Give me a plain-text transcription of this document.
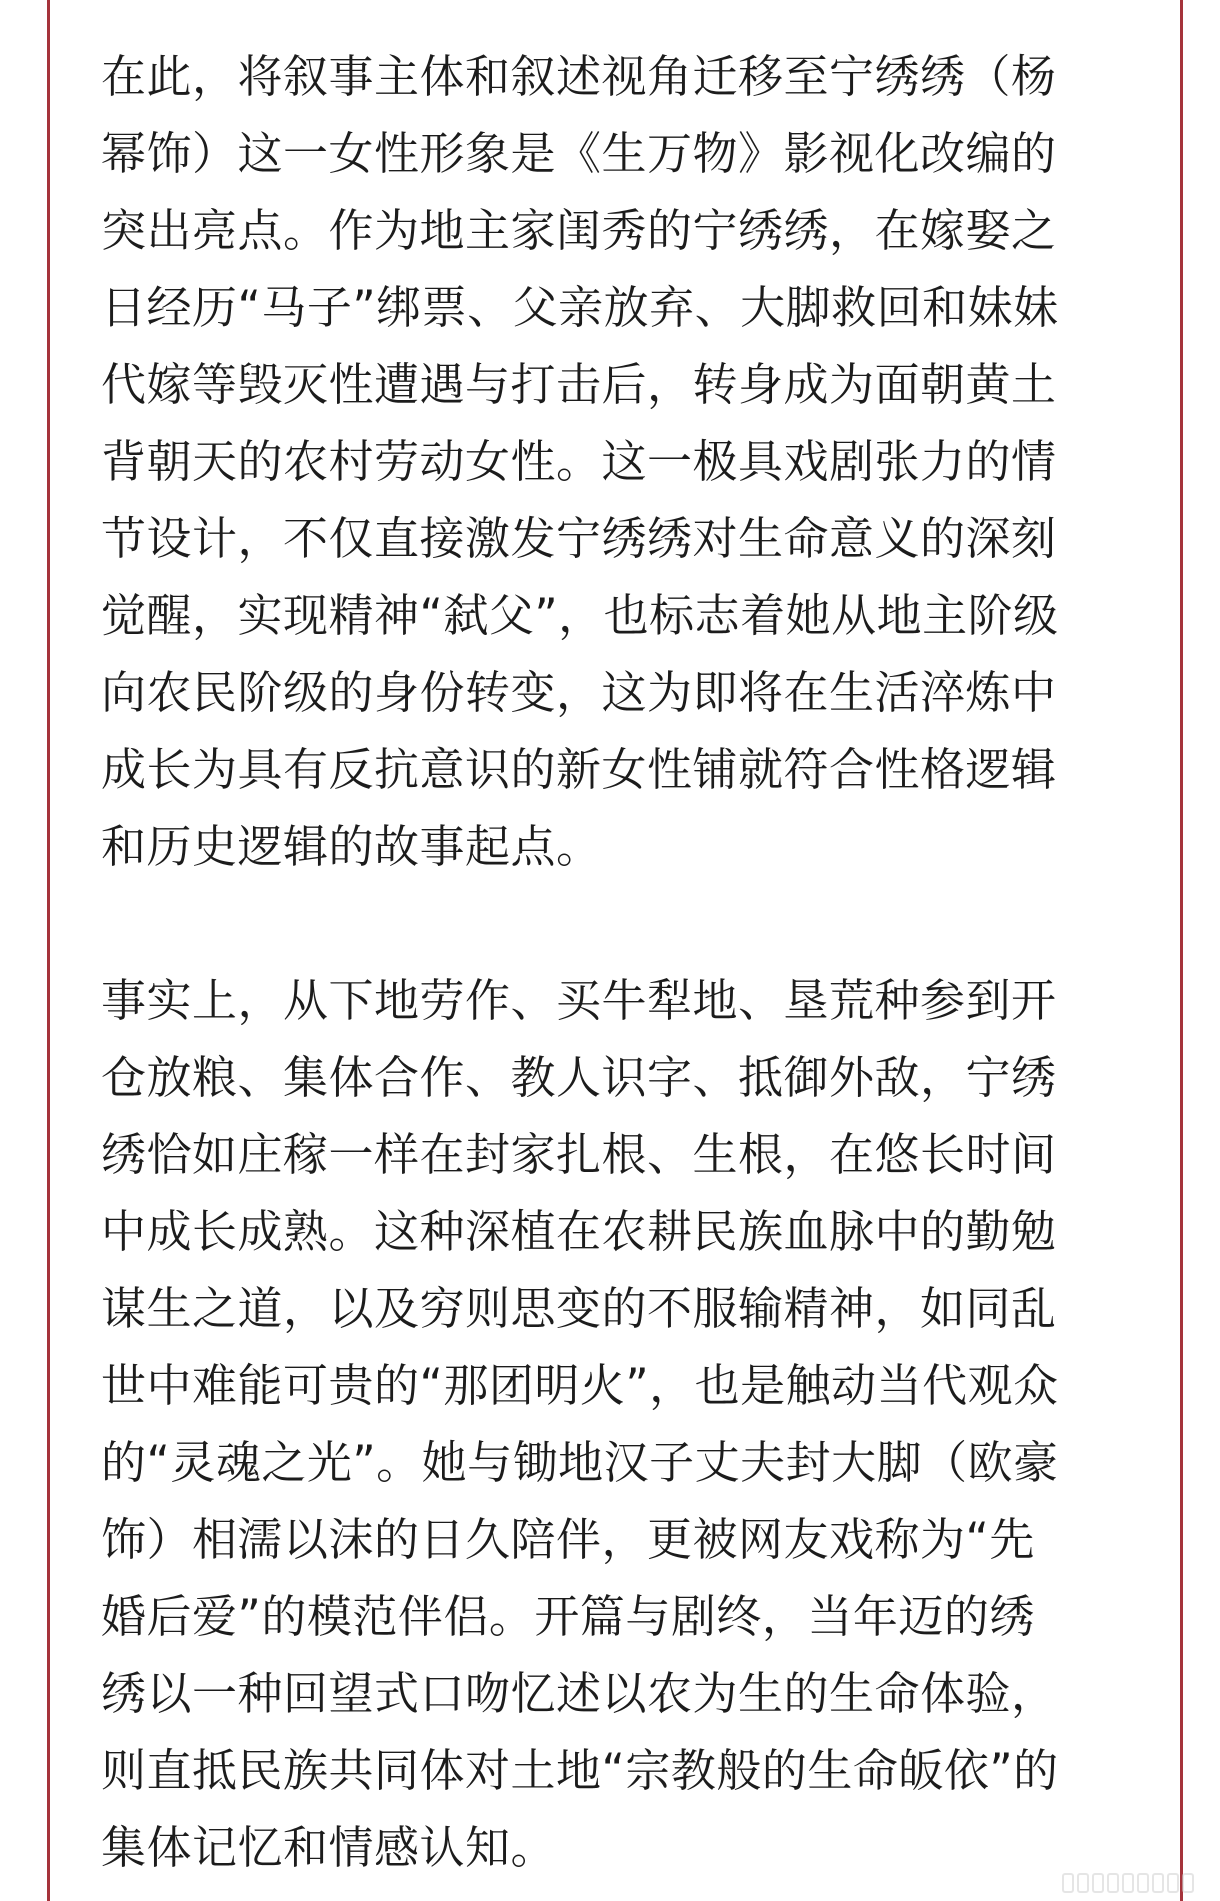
在此，将叙事主体和叙述视角迁移至宁绣绣（杨
幂饰）这一女性形象是《生万物》影视化改编的
突出亮点。作为地主家闺秀的宁绣绣，在嫁娶之
日经历“马子”绑票、父亲放弃、大脚救回和妹妹
代嫁等毁灭性遭遇与打击后，转身成为面朝黄土
背朝天的农村劳动女性。这一极具戏剧张力的情
节设计，不仅直接激发宁绣绣对生命意义的深刻
觉醒，实现精神“弑父”，也标志着她从地主阶级
向农民阶级的身份转变，这为即将在生活淬炼中
成长为具有反抗意识的新女性铺就符合性格逻辑
和历史逻辑的故事起点。
事实上，从下地劳作、买牛犁地、垦荒种参到开
仓放粮、集体合作、教人识字、抵御外敌，宁绣
绣恰如庄稼一样在封家扎根、生根，在悠长时间
中成长成熟。这种深植在农耕民族血脉中的勤勉
谋生之道，以及穷则思变的不服输精神，如同乱
世中难能可贵的“那团明火”，也是触动当代观众
的“灵魂之光”。她与锄地汉子丈夫封大脚（欧豪
饰）相濡以沫的日久陪伴，更被网友戏称为“先
婚后爱”的模范伴侣。开篇与剧终，当年迈的绣
绣以一种回望式口吻忆述以农为生的生命体验，
则直抵民族共同体对土地“宗教般的生命皈依”的
集体记忆和情感认知。
